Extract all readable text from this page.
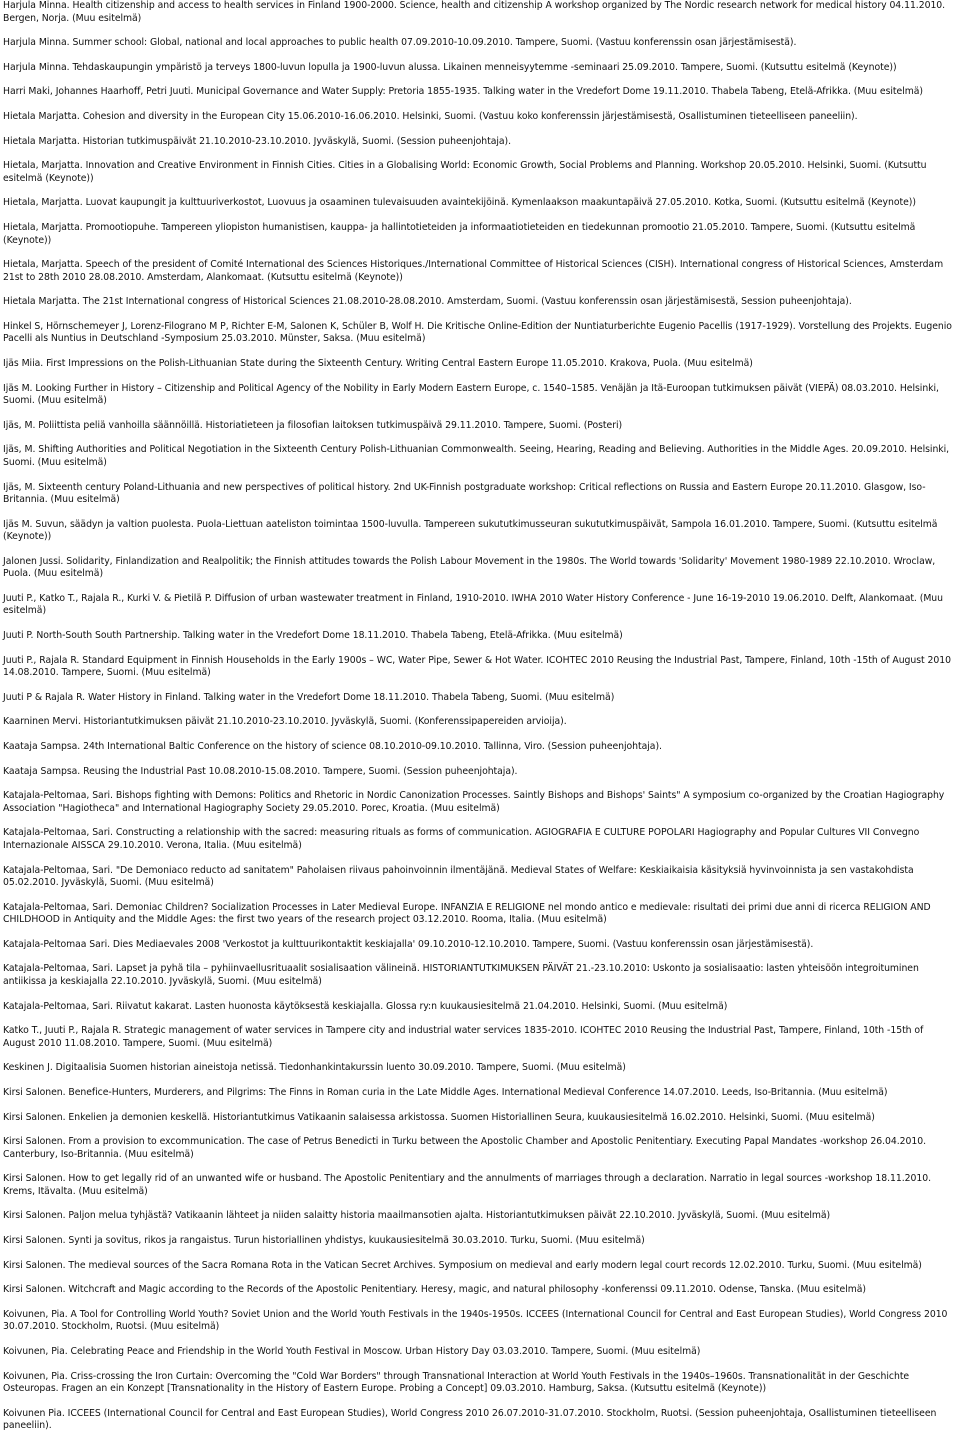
Harjula Minna. Health citizenship and access to health services in Finland 1900-2000. Science, health and citizenship A workshop organized by The Nordic research network for medical history 04.11.2010. Bergen, Norja. (Muu esitelmä)

Harjula Minna. Summer school: Global, national and local approaches to public health 07.09.2010-10.09.2010. Tampere, Suomi. (Vastuu konferenssin osan järjestämisestä).

Harjula Minna. Tehdaskaupungin ympäristö ja terveys 1800-luvun lopulla ja 1900-luvun alussa. Likainen menneisyytemme -seminaari 25.09.2010. Tampere, Suomi. (Kutsuttu esitelmä (Keynote))

Harri Maki, Johannes Haarhoff, Petri Juuti. Municipal Governance and Water Supply: Pretoria 1855-1935. Talking water in the Vredefort Dome 19.11.2010. Thabela Tabeng, Etelä-Afrikka. (Muu esitelmä)

Hietala Marjatta. Cohesion and diversity in the European City 15.06.2010-16.06.2010. Helsinki, Suomi. (Vastuu koko konferenssin järjestämisestä, Osallistuminen tieteelliseen paneeliin).

Hietala Marjatta. Historian tutkimuspäivät 21.10.2010-23.10.2010. Jyväskylä, Suomi. (Session puheenjohtaja).

Hietala, Marjatta. Innovation and Creative Environment in Finnish Cities. Cities in a Globalising World: Economic Growth, Social Problems and Planning. Workshop 20.05.2010. Helsinki, Suomi. (Kutsuttu esitelmä (Keynote))

Hietala, Marjatta. Luovat kaupungit ja kulttuuriverkostot, Luovuus ja osaaminen tulevaisuuden avaintekijöinä. Kymenlaakson maakuntapäivä 27.05.2010. Kotka, Suomi. (Kutsuttu esitelmä (Keynote))

Hietala, Marjatta. Promootiopuhe. Tampereen yliopiston humanistisen, kauppa- ja hallintotieteiden ja informaatiotieteiden en tiedekunnan promootio 21.05.2010. Tampere, Suomi. (Kutsuttu esitelmä (Keynote))

Hietala, Marjatta. Speech of the president of Comité International des Sciences Historiques./International Committee of Historical Sciences (CISH). International congress of Historical Sciences, Amsterdam 21st to 28th 2010 28.08.2010. Amsterdam, Alankomaat. (Kutsuttu esitelmä (Keynote))

Hietala Marjatta. The 21st International congress of Historical Sciences 21.08.2010-28.08.2010. Amsterdam, Suomi. (Vastuu konferenssin osan järjestämisestä, Session puheenjohtaja).

Hinkel S, Hörnschemeyer J, Lorenz-Filograno M P, Richter E-M, Salonen K, Schüler B, Wolf H. Die Kritische Online-Edition der Nuntiaturberichte Eugenio Pacellis (1917-1929). Vorstellung des Projekts. Eugenio Pacelli als Nuntius in Deutschland -Symposium 25.03.2010. Münster, Saksa. (Muu esitelmä)

Ijäs Miia. First Impressions on the Polish-Lithuanian State during the Sixteenth Century. Writing Central Eastern Europe 11.05.2010. Krakova, Puola. (Muu esitelmä)

Ijäs M. Looking Further in History – Citizenship and Political Agency of the Nobility in Early Modern Eastern Europe, c. 1540–1585. Venäjän ja Itä-Euroopan tutkimuksen päivät (VIEPÄ) 08.03.2010. Helsinki, Suomi. (Muu esitelmä)

Ijäs, M. Poliittista peliä vanhoilla säännöillä. Historiatieteen ja filosofian laitoksen tutkimuspäivä 29.11.2010. Tampere, Suomi. (Posteri)

Ijäs, M. Shifting Authorities and Political Negotiation in the Sixteenth Century Polish-Lithuanian Commonwealth. Seeing, Hearing, Reading and Believing. Authorities in the Middle Ages. 20.09.2010. Helsinki, Suomi. (Muu esitelmä)

Ijäs, M. Sixteenth century Poland-Lithuania and new perspectives of political history. 2nd UK-Finnish postgraduate workshop: Critical reflections on Russia and Eastern Europe 20.11.2010. Glasgow, Iso-Britannia. (Muu esitelmä)

Ijäs M. Suvun, säädyn ja valtion puolesta. Puola-Liettuan aateliston toimintaa 1500-luvulla. Tampereen sukututkimusseuran sukututkimuspäivät, Sampola 16.01.2010. Tampere, Suomi. (Kutsuttu esitelmä (Keynote))

Jalonen Jussi. Solidarity, Finlandization and Realpolitik; the Finnish attitudes towards the Polish Labour Movement in the 1980s. The World towards 'Solidarity' Movement 1980-1989 22.10.2010. Wroclaw, Puola. (Muu esitelmä)

Juuti P., Katko T., Rajala R., Kurki V. & Pietilä P. Diffusion of urban wastewater treatment in Finland, 1910-2010. IWHA 2010 Water History Conference - June 16-19-2010 19.06.2010. Delft, Alankomaat. (Muu esitelmä)

Juuti P. North-South South Partnership. Talking water in the Vredefort Dome 18.11.2010. Thabela Tabeng, Etelä-Afrikka. (Muu esitelmä)

Juuti P., Rajala R. Standard Equipment in Finnish Households in the Early 1900s – WC, Water Pipe, Sewer & Hot Water. ICOHTEC 2010 Reusing the Industrial Past, Tampere, Finland, 10th -15th of August 2010 14.08.2010. Tampere, Suomi. (Muu esitelmä)

Juuti P & Rajala R. Water History in Finland. Talking water in the Vredefort Dome 18.11.2010. Thabela Tabeng, Suomi. (Muu esitelmä)

Kaarninen Mervi. Historiantutkimuksen päivät 21.10.2010-23.10.2010. Jyväskylä, Suomi. (Konferenssipapereiden arvioija).

Kaataja Sampsa. 24th International Baltic Conference on the history of science 08.10.2010-09.10.2010. Tallinna, Viro. (Session puheenjohtaja).

Kaataja Sampsa. Reusing the Industrial Past 10.08.2010-15.08.2010. Tampere, Suomi. (Session puheenjohtaja).

Katajala-Peltomaa, Sari. Bishops fighting with Demons: Politics and Rhetoric in Nordic Canonization Processes. Saintly Bishops and Bishops' Saints" A symposium co-organized by the Croatian Hagiography Association "Hagiotheca" and International Hagiography Society 29.05.2010. Porec, Kroatia. (Muu esitelmä)

Katajala-Peltomaa, Sari. Constructing a relationship with the sacred: measuring rituals as forms of communication. AGIOGRAFIA E CULTURE POPOLARI Hagiography and Popular Cultures VII Convegno Internazionale AISSCA 29.10.2010. Verona, Italia. (Muu esitelmä)

Katajala-Peltomaa, Sari. "De Demoniaco reducto ad sanitatem" Paholaisen riivaus pahoinvoinnin ilmentäjänä. Medieval States of Welfare: Keskiaikaisia käsityksiä hyvinvoinnista ja sen vastakohdista 05.02.2010. Jyväskylä, Suomi. (Muu esitelmä)

Katajala-Peltomaa, Sari. Demoniac Children? Socialization Processes in Later Medieval Europe. INFANZIA E RELIGIONE nel mondo antico e medievale: risultati dei primi due anni di ricerca RELIGION AND CHILDHOOD in Antiquity and the Middle Ages: the first two years of the research project 03.12.2010. Rooma, Italia. (Muu esitelmä)

Katajala-Peltomaa Sari. Dies Mediaevales 2008 'Verkostot ja kulttuurikontaktit keskiajalla' 09.10.2010-12.10.2010. Tampere, Suomi. (Vastuu konferenssin osan järjestämisestä).

Katajala-Peltomaa, Sari. Lapset ja pyhä tila – pyhiinvaellusrituaalit sosialisaation välineinä. HISTORIANTUTKIMUKSEN PÄIVÄT 21.-23.10.2010: Uskonto ja sosialisaatio: lasten yhteisöön integroituminen antiikissa ja keskiajalla 22.10.2010. Jyväskylä, Suomi. (Muu esitelmä)

Katajala-Peltomaa, Sari. Riivatut kakarat. Lasten huonosta käytöksestä keskiajalla. Glossa ry:n kuukausiesitelmä 21.04.2010. Helsinki, Suomi. (Muu esitelmä)

Katko T., Juuti P., Rajala R. Strategic management of water services in Tampere city and industrial water services 1835-2010. ICOHTEC 2010 Reusing the Industrial Past, Tampere, Finland, 10th -15th of August 2010 11.08.2010. Tampere, Suomi. (Muu esitelmä)

Keskinen J. Digitaalisia Suomen historian aineistoja netissä. Tiedonhankintakurssin luento 30.09.2010. Tampere, Suomi. (Muu esitelmä)

Kirsi Salonen. Benefice-Hunters, Murderers, and Pilgrims: The Finns in Roman curia in the Late Middle Ages. International Medieval Conference 14.07.2010. Leeds, Iso-Britannia. (Muu esitelmä)

Kirsi Salonen. Enkelien ja demonien keskellä. Historiantutkimus Vatikaanin salaisessa arkistossa. Suomen Historiallinen Seura, kuukausiesitelmä 16.02.2010. Helsinki, Suomi. (Muu esitelmä)

Kirsi Salonen. From a provision to excommunication. The case of Petrus Benedicti in Turku between the Apostolic Chamber and Apostolic Penitentiary. Executing Papal Mandates -workshop 26.04.2010. Canterbury, Iso-Britannia. (Muu esitelmä)

Kirsi Salonen. How to get legally rid of an unwanted wife or husband. The Apostolic Penitentiary and the annulments of marriages through a declaration. Narratio in legal sources -workshop 18.11.2010. Krems, Itävalta. (Muu esitelmä)

Kirsi Salonen. Paljon melua tyhjästä? Vatikaanin lähteet ja niiden salaitty historia maailmansotien ajalta. Historiantutkimuksen päivät 22.10.2010. Jyväskylä, Suomi. (Muu esitelmä)

Kirsi Salonen. Synti ja sovitus, rikos ja rangaistus. Turun historiallinen yhdistys, kuukausiesitelmä 30.03.2010. Turku, Suomi. (Muu esitelmä)

Kirsi Salonen. The medieval sources of the Sacra Romana Rota in the Vatican Secret Archives. Symposium on medieval and early modern legal court records 12.02.2010. Turku, Suomi. (Muu esitelmä)

Kirsi Salonen. Witchcraft and Magic according to the Records of the Apostolic Penitentiary. Heresy, magic, and natural philosophy -konferenssi 09.11.2010. Odense, Tanska. (Muu esitelmä)

Koivunen, Pia. A Tool for Controlling World Youth? Soviet Union and the World Youth Festivals in the 1940s-1950s. ICCEES (International Council for Central and East European Studies), World Congress 2010 30.07.2010. Stockholm, Ruotsi. (Muu esitelmä)

Koivunen, Pia. Celebrating Peace and Friendship in the World Youth Festival in Moscow. Urban History Day 03.03.2010. Tampere, Suomi. (Muu esitelmä)

Koivunen, Pia. Criss-crossing the Iron Curtain: Overcoming the "Cold War Borders" through Transnational Interaction at World Youth Festivals in the 1940s–1960s. Transnationalität in der Geschichte Osteuropas. Fragen an ein Konzept [Transnationality in the History of Eastern Europe. Probing a Concept] 09.03.2010. Hamburg, Saksa. (Kutsuttu esitelmä (Keynote))

Koivunen Pia. ICCEES (International Council for Central and East European Studies), World Congress 2010 26.07.2010-31.07.2010. Stockholm, Ruotsi. (Session puheenjohtaja, Osallistuminen tieteelliseen paneeliin).
